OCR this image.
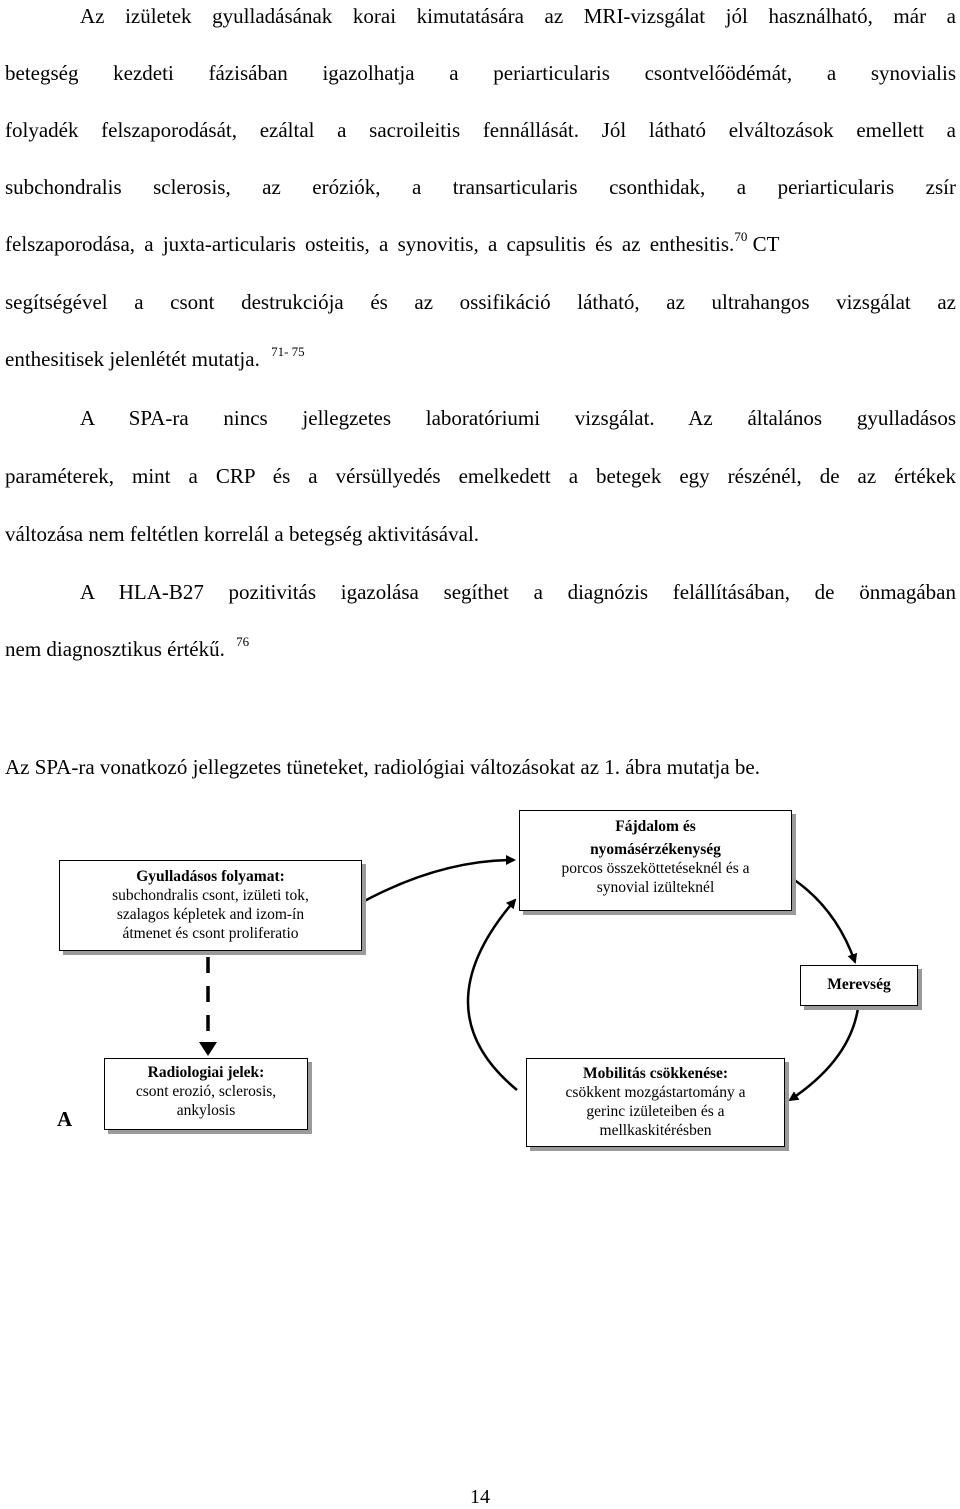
Az izületek gyulladásának korai kimutatására az MRI-vizsgálat jól használható, már a
betegség kezdeti fázisában igazolhatja a periarticularis csontvelőödémát, a synovialis
folyadék felszaporodását, ezáltal a sacroileitis fennállását. Jól látható elváltozások emellett a
subchondralis sclerosis, az eróziók, a transarticularis csonthidak, a periarticularis zsír
felszaporodása, a juxta-articularis osteitis, a synovitis, a capsulitis és az enthesitis.$^{70}$ CT
segítségével a csont destrukciója és az ossifikáció látható, az ultrahangos vizsgálat az
enthesitisek jelenlétét mutatja. $^{71- 75}$
A SPA-ra nincs jellegzetes laboratóriumi vizsgálat. Az általános gyulladásos
paraméterek, mint a CRP és a vérsüllyedés emelkedett a betegek egy részénél, de az értékek
változása nem feltétlen korrelál a betegség aktivitásával.
A HLA-B27 pozitivitás igazolása segíthet a diagnózis felállításában, de önmagában
nem diagnosztikus értékű. $^{76}$
Az SPA-ra vonatkozó jellegzetes tüneteket, radiológiai változásokat az 1. ábra mutatja be.
Gyulladásos folyamat:
subchondralis csont, izületi tok,
szalagos képletek and izom-ín
átmenet és csont proliferatio
Fájdalom és
nyomásérzékenység
porcos összeköttetéseknél és a
synovial izülteknél
Merevség
Radiologiai jelek:
csont erozió, sclerosis,
ankylosis
Mobilitás csökkenése:
csökkent mozgástartomány a
gerinc izületeiben és a
mellkaskitérésben
A
14
